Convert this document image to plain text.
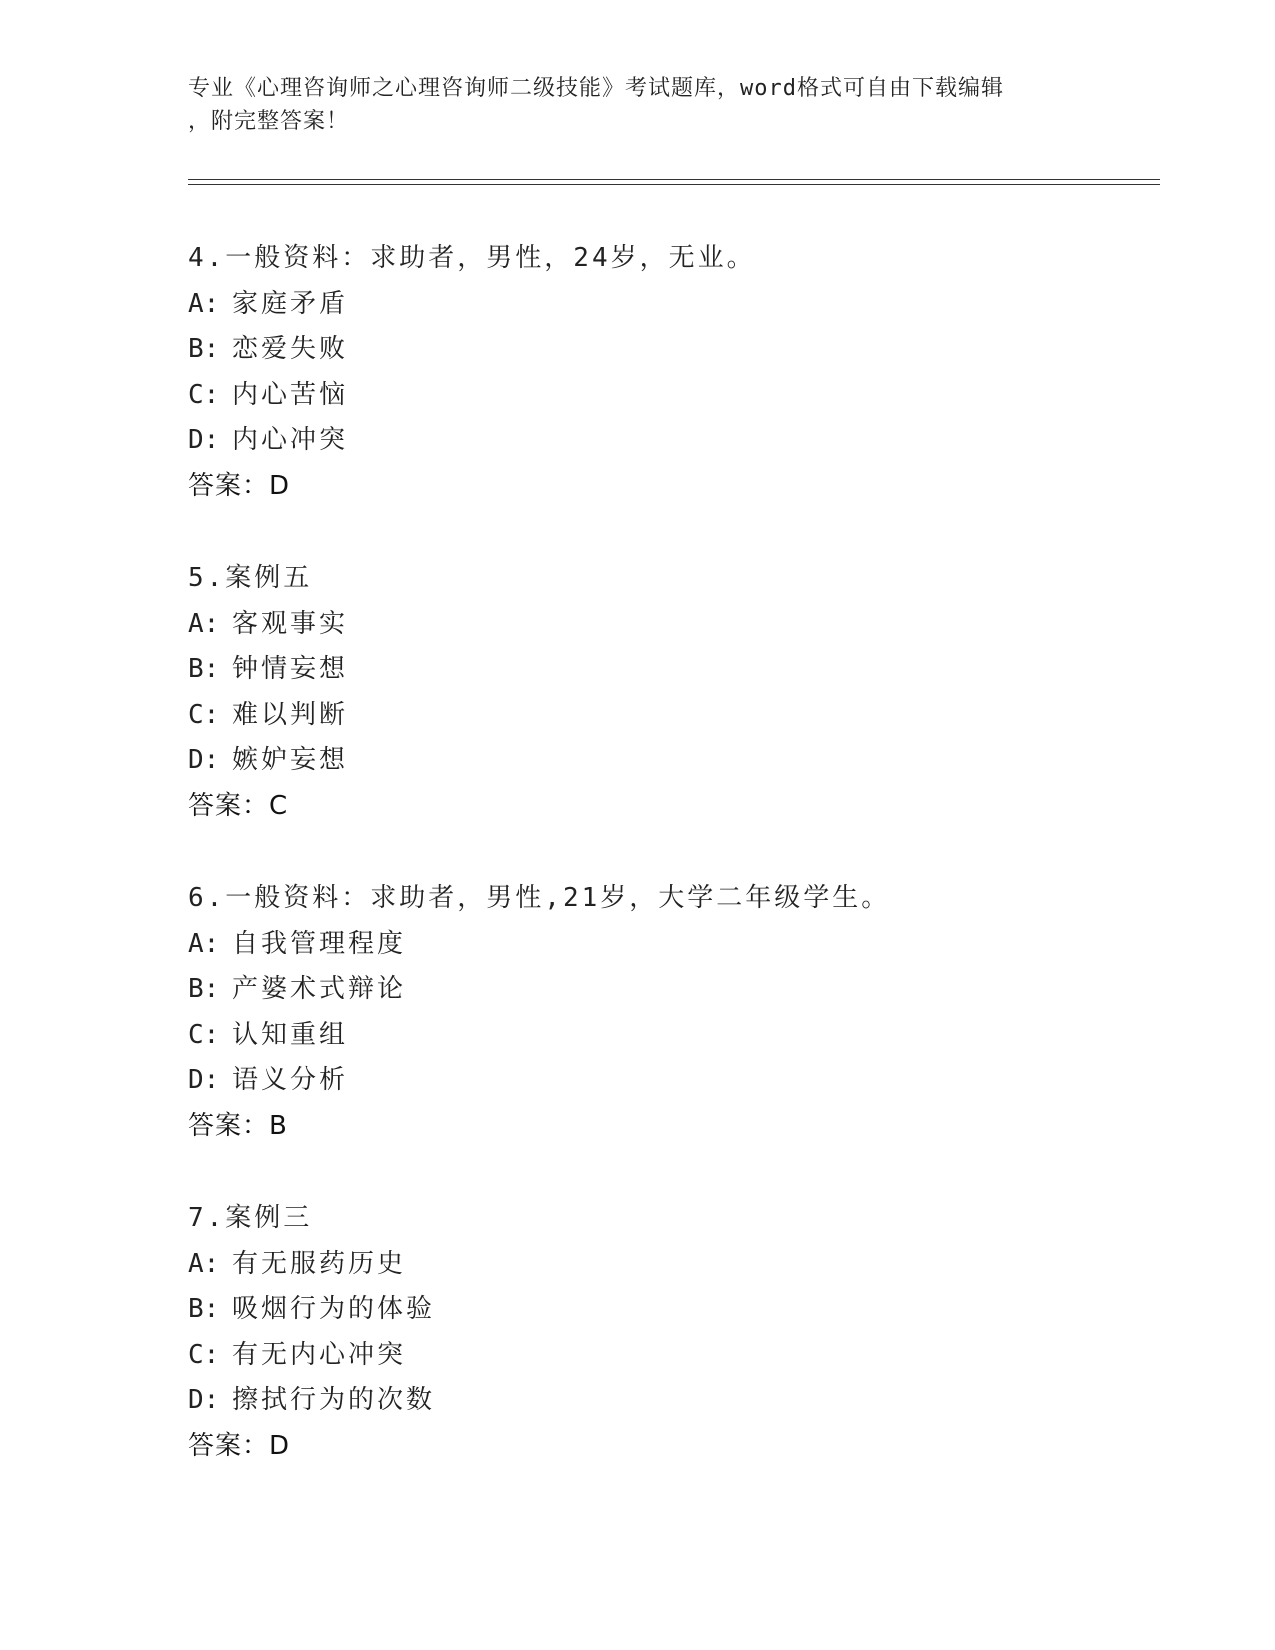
专业《心理咨询师之心理咨询师二级技能》考试题库，word格式可自由下载编辑
，附完整答案！
4.一般资料：求助者，男性，24岁，无业。
A: 家庭矛盾
B: 恋爱失败
C: 内心苦恼
D: 内心冲突
答案：D
5.案例五
A: 客观事实
B: 钟情妄想
C: 难以判断
D: 嫉妒妄想
答案：C
6.一般资料：求助者，男性,21岁，大学二年级学生。
A: 自我管理程度
B: 产婆术式辩论
C: 认知重组
D: 语义分析
答案：B
7.案例三
A: 有无服药历史
B: 吸烟行为的体验
C: 有无内心冲突
D: 擦拭行为的次数
答案：D
